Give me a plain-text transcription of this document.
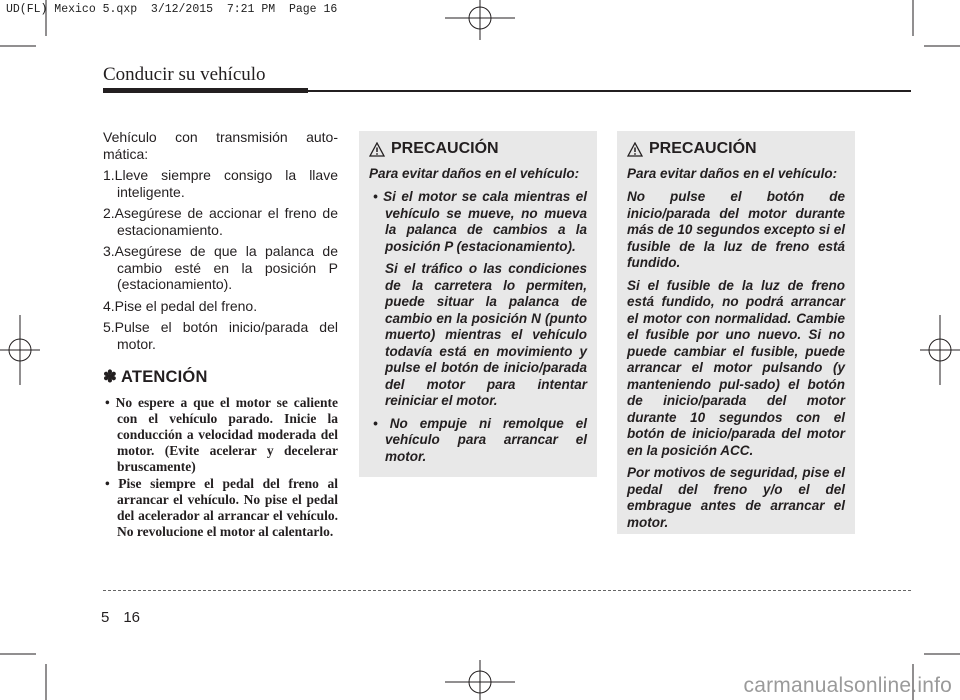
UD(FL) Mexico 5.qxp  3/12/2015  7:21 PM  Page 16
Conducir su vehículo

Vehículo con transmisión auto-mática:

1.Lleve siempre consigo la llave inteligente.
2.Asegúrese de accionar el freno de estacionamiento.
3.Asegúrese de que la palanca de cambio esté en la posición P (estacionamiento).
4.Pise el pedal del freno.
5.Pulse el botón inicio/parada del motor.
✽ ATENCIÓN
• No espere a que el motor se caliente con el vehículo parado. Inicie la conducción a velocidad moderada del motor. (Evite acelerar y decelerar bruscamente)
• Pise siempre el pedal del freno al arrancar el vehículo. No pise el pedal del acelerador al arrancar el vehículo. No revolucione el motor al calentarlo.
PRECAUCIÓN

Para evitar daños en el vehículo:

• Si el motor se cala mientras el vehículo se mueve, no mueva la palanca de cambios a la posición P (estacionamiento).

Si el tráfico o las condiciones de la carretera lo permiten, puede situar la palanca de cambio en la posición N (punto muerto) mientras el vehículo todavía está en movimiento y pulse el botón de inicio/parada del motor para intentar reiniciar el motor.

• No empuje ni remolque el vehículo para arrancar el motor.
PRECAUCIÓN

Para evitar daños en el vehículo:

No pulse el botón de inicio/parada del motor durante más de 10 segundos excepto si el fusible de la luz de freno está fundido.

Si el fusible de la luz de freno está fundido, no podrá arrancar el motor con normalidad. Cambie el fusible por uno nuevo. Si no puede cambiar el fusible, puede arrancar el motor pulsando (y manteniendo pul-sado) el botón de inicio/parada del motor durante 10 segundos con el botón de inicio/parada del motor en la posición ACC.

Por motivos de seguridad, pise el pedal del freno y/o el del embrague antes de arrancar el motor.

5 16
carmanualsonline.info
